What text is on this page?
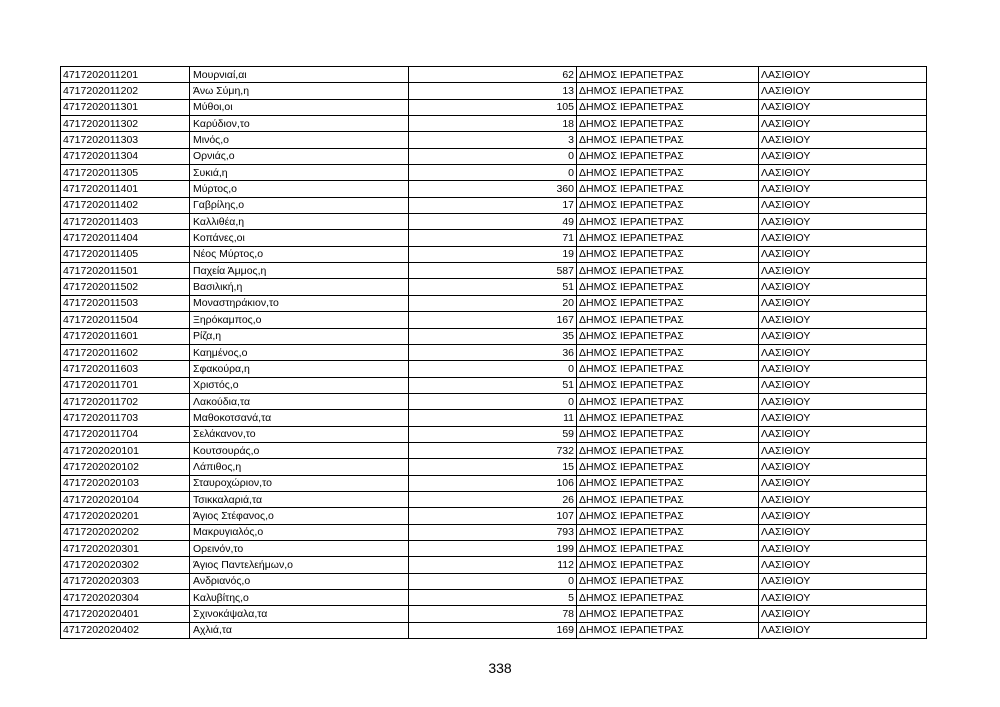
4717202011201	Μουρνιαί,αι	62	ΔΗΜΟΣ ΙΕΡΑΠΕΤΡΑΣ	ΛΑΣΙΘΙΟΥ
4717202011202	Άνω Σύμη,η	13	ΔΗΜΟΣ ΙΕΡΑΠΕΤΡΑΣ	ΛΑΣΙΘΙΟΥ
4717202011301	Μύθοι,οι	105	ΔΗΜΟΣ ΙΕΡΑΠΕΤΡΑΣ	ΛΑΣΙΘΙΟΥ
4717202011302	Καρύδιον,το	18	ΔΗΜΟΣ ΙΕΡΑΠΕΤΡΑΣ	ΛΑΣΙΘΙΟΥ
4717202011303	Μινός,ο	3	ΔΗΜΟΣ ΙΕΡΑΠΕΤΡΑΣ	ΛΑΣΙΘΙΟΥ
4717202011304	Ορνιάς,ο	0	ΔΗΜΟΣ ΙΕΡΑΠΕΤΡΑΣ	ΛΑΣΙΘΙΟΥ
4717202011305	Συκιά,η	0	ΔΗΜΟΣ ΙΕΡΑΠΕΤΡΑΣ	ΛΑΣΙΘΙΟΥ
4717202011401	Μύρτος,ο	360	ΔΗΜΟΣ ΙΕΡΑΠΕΤΡΑΣ	ΛΑΣΙΘΙΟΥ
4717202011402	Γαβρίλης,ο	17	ΔΗΜΟΣ ΙΕΡΑΠΕΤΡΑΣ	ΛΑΣΙΘΙΟΥ
4717202011403	Καλλιθέα,η	49	ΔΗΜΟΣ ΙΕΡΑΠΕΤΡΑΣ	ΛΑΣΙΘΙΟΥ
4717202011404	Κοπάνες,οι	71	ΔΗΜΟΣ ΙΕΡΑΠΕΤΡΑΣ	ΛΑΣΙΘΙΟΥ
4717202011405	Νέος Μύρτος,ο	19	ΔΗΜΟΣ ΙΕΡΑΠΕΤΡΑΣ	ΛΑΣΙΘΙΟΥ
4717202011501	Παχεία Άμμος,η	587	ΔΗΜΟΣ ΙΕΡΑΠΕΤΡΑΣ	ΛΑΣΙΘΙΟΥ
4717202011502	Βασιλική,η	51	ΔΗΜΟΣ ΙΕΡΑΠΕΤΡΑΣ	ΛΑΣΙΘΙΟΥ
4717202011503	Μοναστηράκιον,το	20	ΔΗΜΟΣ ΙΕΡΑΠΕΤΡΑΣ	ΛΑΣΙΘΙΟΥ
4717202011504	Ξηρόκαμπος,ο	167	ΔΗΜΟΣ ΙΕΡΑΠΕΤΡΑΣ	ΛΑΣΙΘΙΟΥ
4717202011601	Ρίζα,η	35	ΔΗΜΟΣ ΙΕΡΑΠΕΤΡΑΣ	ΛΑΣΙΘΙΟΥ
4717202011602	Καημένος,ο	36	ΔΗΜΟΣ ΙΕΡΑΠΕΤΡΑΣ	ΛΑΣΙΘΙΟΥ
4717202011603	Σφακούρα,η	0	ΔΗΜΟΣ ΙΕΡΑΠΕΤΡΑΣ	ΛΑΣΙΘΙΟΥ
4717202011701	Χριστός,ο	51	ΔΗΜΟΣ ΙΕΡΑΠΕΤΡΑΣ	ΛΑΣΙΘΙΟΥ
4717202011702	Λακούδια,τα	0	ΔΗΜΟΣ ΙΕΡΑΠΕΤΡΑΣ	ΛΑΣΙΘΙΟΥ
4717202011703	Μαθοκοτσανά,τα	11	ΔΗΜΟΣ ΙΕΡΑΠΕΤΡΑΣ	ΛΑΣΙΘΙΟΥ
4717202011704	Σελάκανον,το	59	ΔΗΜΟΣ ΙΕΡΑΠΕΤΡΑΣ	ΛΑΣΙΘΙΟΥ
4717202020101	Κουτσουράς,ο	732	ΔΗΜΟΣ ΙΕΡΑΠΕΤΡΑΣ	ΛΑΣΙΘΙΟΥ
4717202020102	Λάπιθος,η	15	ΔΗΜΟΣ ΙΕΡΑΠΕΤΡΑΣ	ΛΑΣΙΘΙΟΥ
4717202020103	Σταυροχώριον,το	106	ΔΗΜΟΣ ΙΕΡΑΠΕΤΡΑΣ	ΛΑΣΙΘΙΟΥ
4717202020104	Τσικκαλαριά,τα	26	ΔΗΜΟΣ ΙΕΡΑΠΕΤΡΑΣ	ΛΑΣΙΘΙΟΥ
4717202020201	Άγιος Στέφανος,ο	107	ΔΗΜΟΣ ΙΕΡΑΠΕΤΡΑΣ	ΛΑΣΙΘΙΟΥ
4717202020202	Μακρυγιαλός,ο	793	ΔΗΜΟΣ ΙΕΡΑΠΕΤΡΑΣ	ΛΑΣΙΘΙΟΥ
4717202020301	Ορεινόν,το	199	ΔΗΜΟΣ ΙΕΡΑΠΕΤΡΑΣ	ΛΑΣΙΘΙΟΥ
4717202020302	Άγιος Παντελεήμων,ο	112	ΔΗΜΟΣ ΙΕΡΑΠΕΤΡΑΣ	ΛΑΣΙΘΙΟΥ
4717202020303	Ανδριανός,ο	0	ΔΗΜΟΣ ΙΕΡΑΠΕΤΡΑΣ	ΛΑΣΙΘΙΟΥ
4717202020304	Καλυβίτης,ο	5	ΔΗΜΟΣ ΙΕΡΑΠΕΤΡΑΣ	ΛΑΣΙΘΙΟΥ
4717202020401	Σχινοκάψαλα,τα	78	ΔΗΜΟΣ ΙΕΡΑΠΕΤΡΑΣ	ΛΑΣΙΘΙΟΥ
4717202020402	Αχλιά,τα	169	ΔΗΜΟΣ ΙΕΡΑΠΕΤΡΑΣ	ΛΑΣΙΘΙΟΥ
338
